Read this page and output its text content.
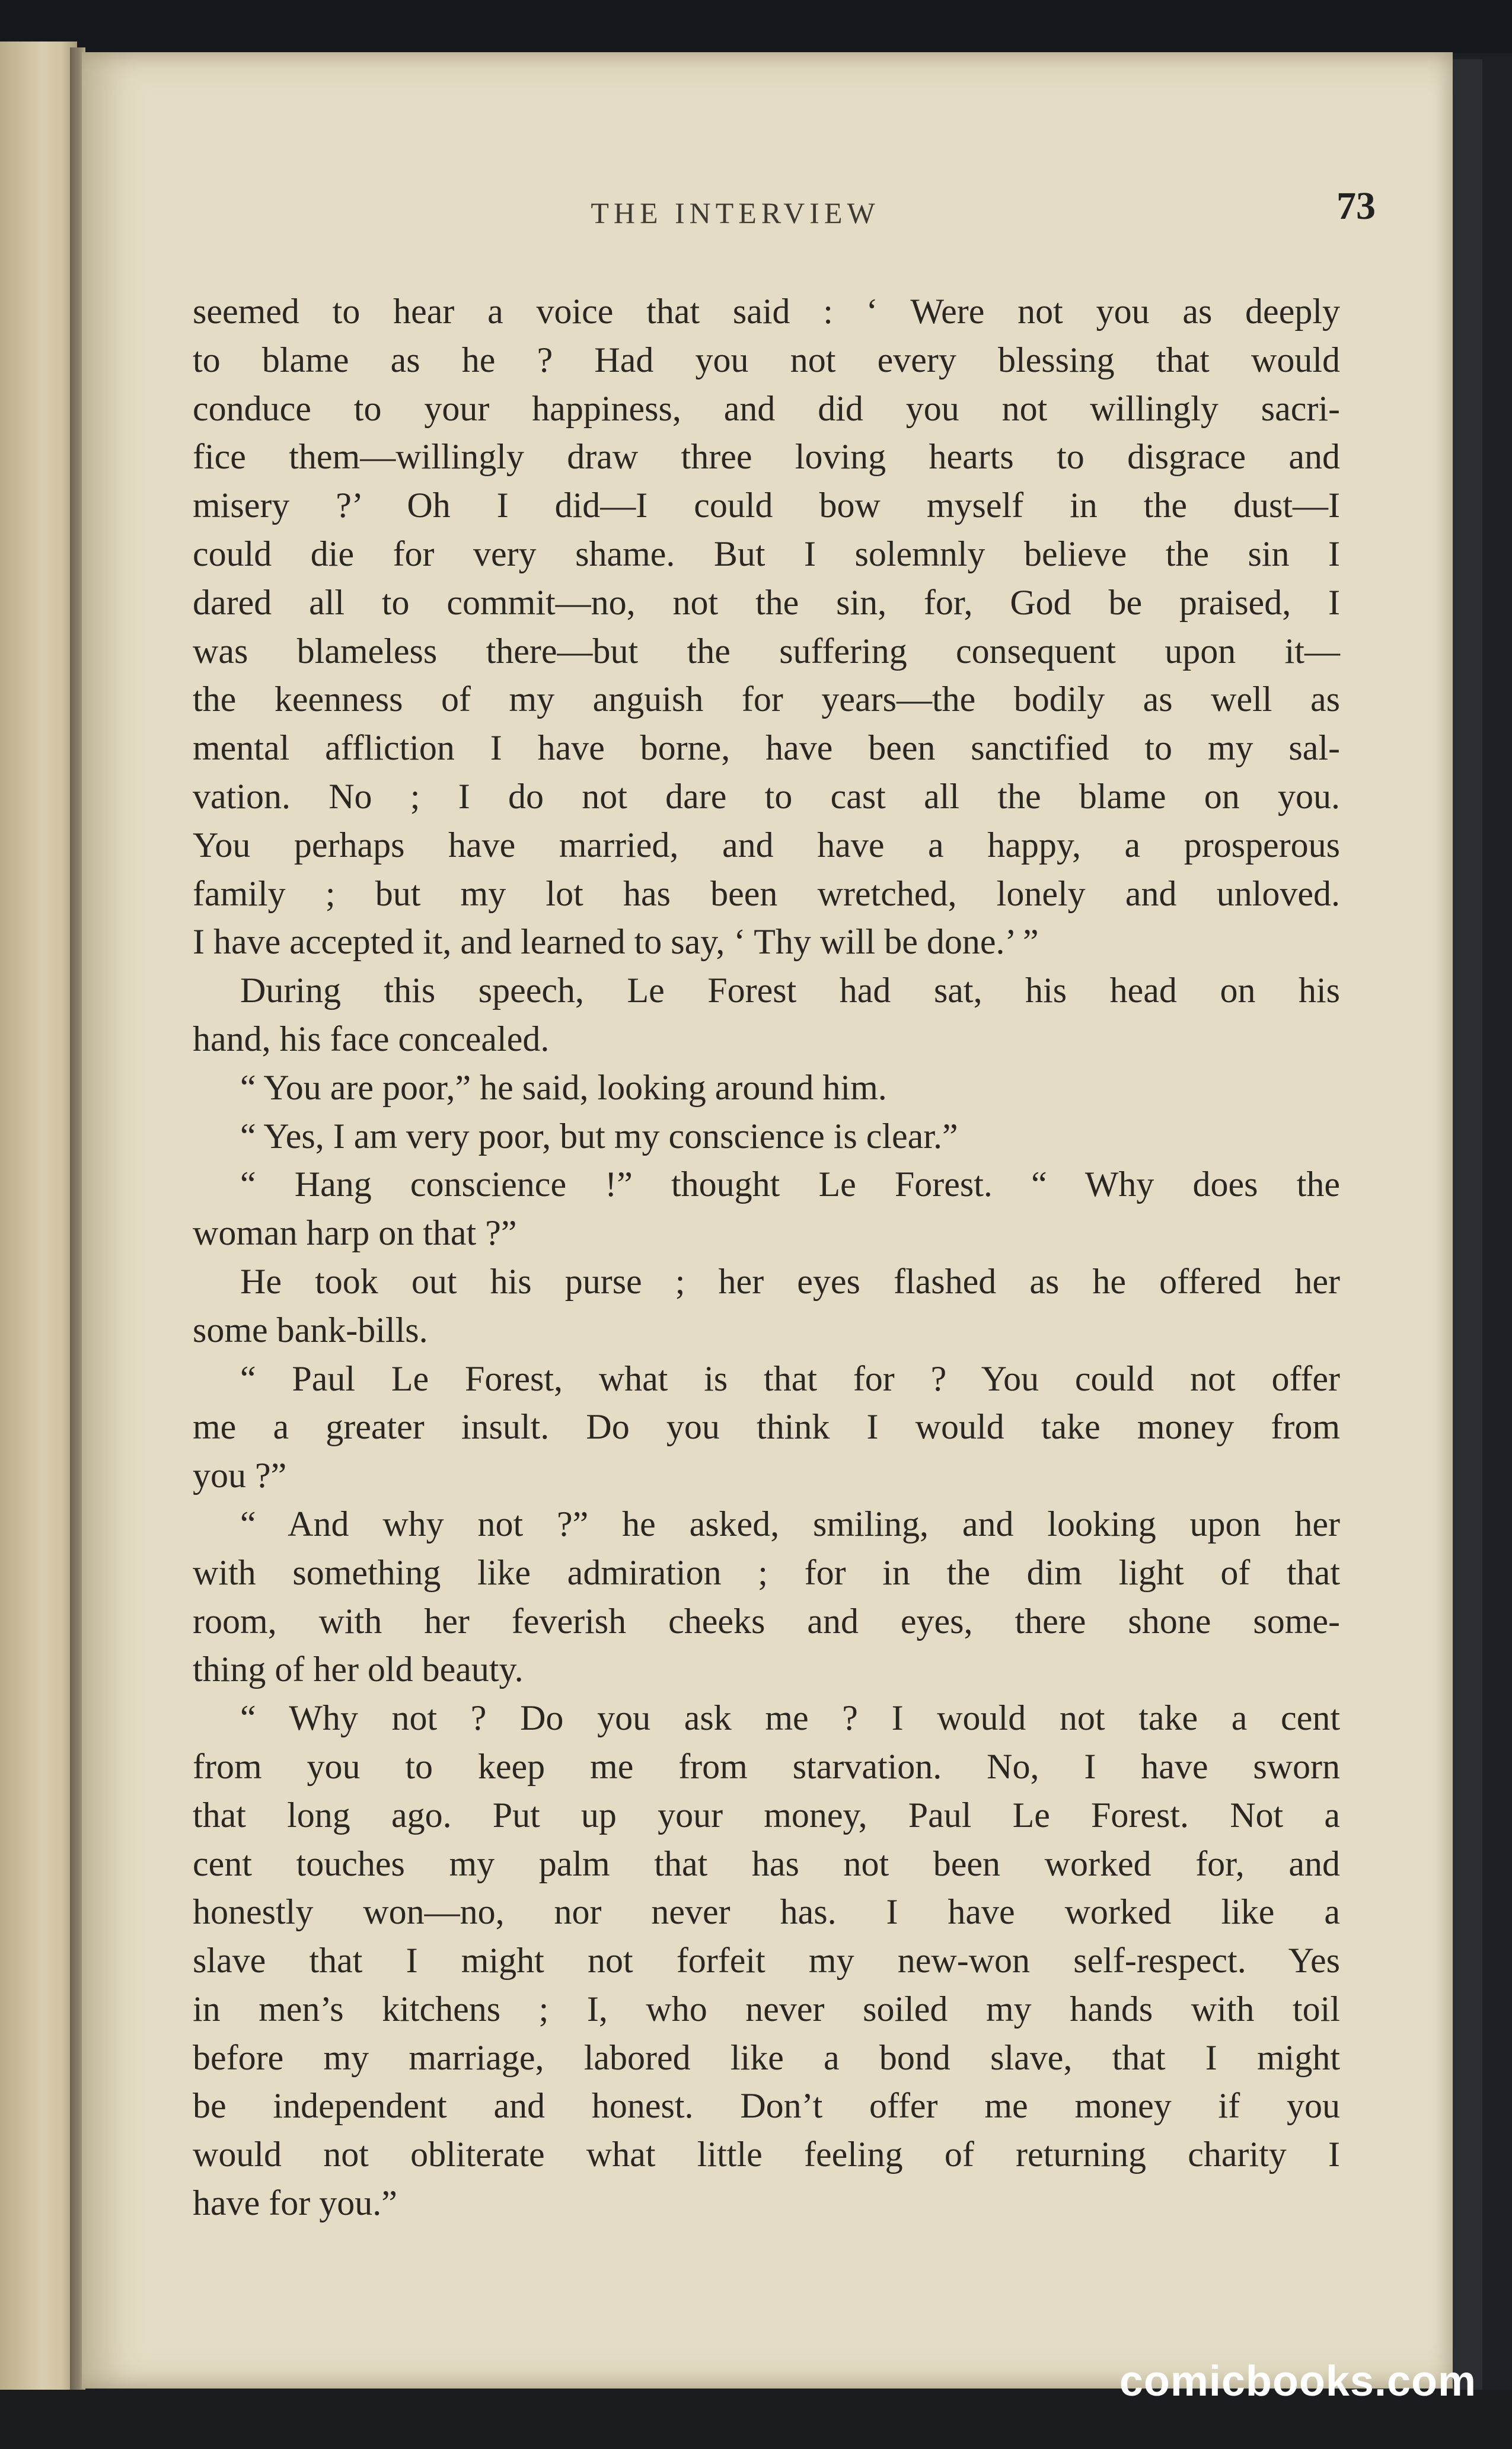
THE INTERVIEW	73
seemed to hear a voice that said : ‘ Were not you as deeply
to blame as he ? Had you not every blessing that would
conduce to your happiness, and did you not willingly sacri-
fice them—willingly draw three loving hearts to disgrace and
misery ?’ Oh I did—I could bow myself in the dust—I
could die for very shame. But I solemnly believe the sin I
dared all to commit—no, not the sin, for, God be praised, I
was blameless there—but the suffering consequent upon it—
the keenness of my anguish for years—the bodily as well as
mental affliction I have borne, have been sanctified to my sal-
vation. No ; I do not dare to cast all the blame on you.
You perhaps have married, and have a happy, a prosperous
family ; but my lot has been wretched, lonely and unloved.
I have accepted it, and learned to say, ‘ Thy will be done.’ ”
During this speech, Le Forest had sat, his head on his
hand, his face concealed.
“ You are poor,” he said, looking around him.
“ Yes, I am very poor, but my conscience is clear.”
“ Hang conscience !” thought Le Forest. “ Why does the
woman harp on that ?”
He took out his purse ; her eyes flashed as he offered her
some bank-bills.
“ Paul Le Forest, what is that for ? You could not offer
me a greater insult. Do you think I would take money from
you ?”
“ And why not ?” he asked, smiling, and looking upon her
with something like admiration ; for in the dim light of that
room, with her feverish cheeks and eyes, there shone some-
thing of her old beauty.
“ Why not ? Do you ask me ? I would not take a cent
from you to keep me from starvation. No, I have sworn
that long ago. Put up your money, Paul Le Forest. Not a
cent touches my palm that has not been worked for, and
honestly won—no, nor never has. I have worked like a
slave that I might not forfeit my new-won self-respect. Yes
in men’s kitchens ; I, who never soiled my hands with toil
before my marriage, labored like a bond slave, that I might
be independent and honest. Don’t offer me money if you
would not obliterate what little feeling of returning charity I
have for you.”
comicbooks.com
